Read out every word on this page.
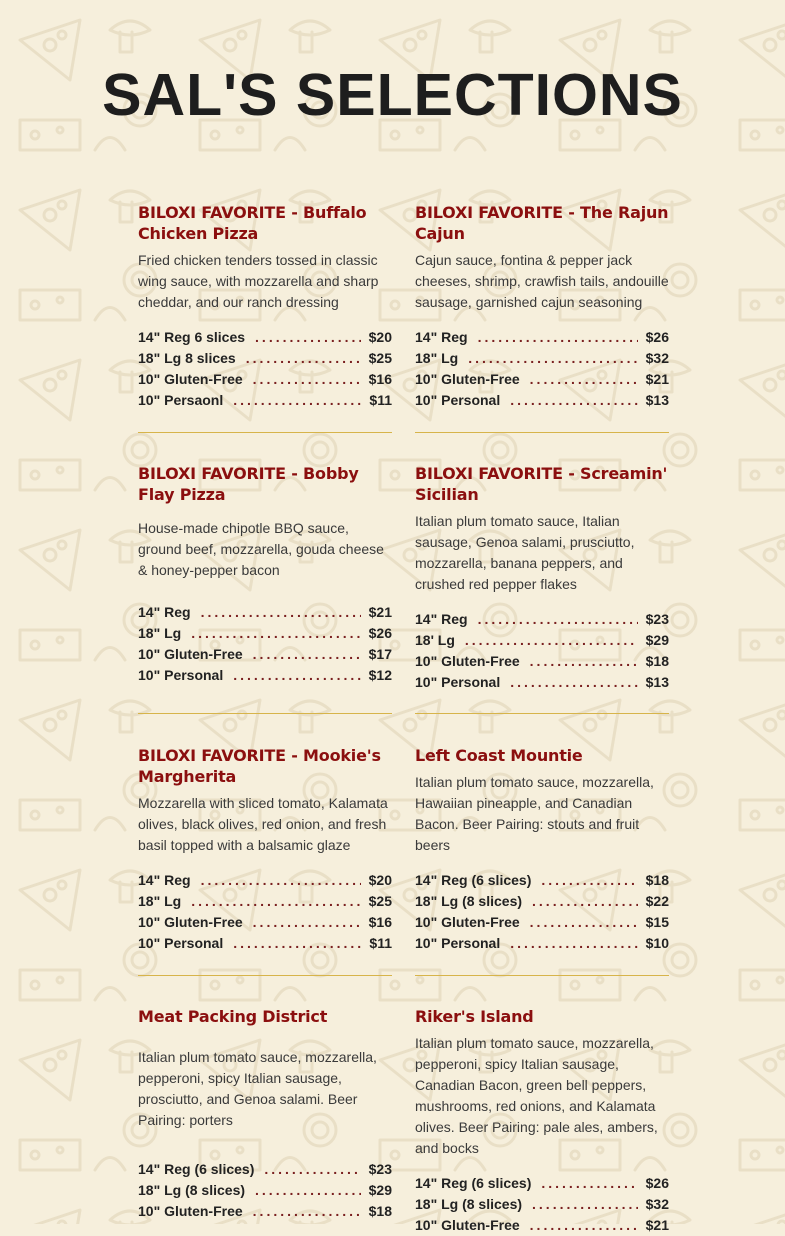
SAL'S SELECTIONS
BILOXI FAVORITE - Buffalo Chicken Pizza

Fried chicken tenders tossed in classic wing sauce, with mozzarella and sharp cheddar, and our ranch dressing

14" Reg 6 slices .....	$20
18" Lg 8 slices .....	$25
10" Gluten-Free .....	$16
10" Persaonl .....	$11
BILOXI FAVORITE - The Rajun Cajun

Cajun sauce, fontina & pepper jack cheeses, shrimp, crawfish tails, andouille sausage, garnished cajun seasoning

14" Reg .....	$26
18" Lg .....	$32
10" Gluten-Free .....	$21
10" Personal .....	$13
BILOXI FAVORITE - Bobby Flay Pizza

House-made chipotle BBQ sauce, ground beef, mozzarella, gouda cheese & honey-pepper bacon

14" Reg .....	$21
18" Lg .....	$26
10" Gluten-Free .....	$17
10" Personal .....	$12
BILOXI FAVORITE - Screamin' Sicilian

Italian plum tomato sauce, Italian sausage, Genoa salami, prusciutto, mozzarella, banana peppers, and crushed red pepper flakes

14" Reg .....	$23
18' Lg .....	$29
10" Gluten-Free .....	$18
10" Personal .....	$13
BILOXI FAVORITE - Mookie's Margherita

Mozzarella with sliced tomato, Kalamata olives, black olives, red onion, and fresh basil topped with a balsamic glaze

14" Reg .....	$20
18" Lg .....	$25
10" Gluten-Free .....	$16
10" Personal .....	$11
Left Coast Mountie

Italian plum tomato sauce, mozzarella, Hawaiian pineapple, and Canadian Bacon. Beer Pairing: stouts and fruit beers

14" Reg (6 slices) .....	$18
18" Lg (8 slices) .....	$22
10" Gluten-Free .....	$15
10" Personal .....	$10
Meat Packing District

Italian plum tomato sauce, mozzarella, pepperoni, spicy Italian sausage, prosciutto, and Genoa salami. Beer Pairing: porters

14" Reg (6 slices) .....	$23
18" Lg (8 slices) .....	$29
10" Gluten-Free .....	$18
Riker's Island

Italian plum tomato sauce, mozzarella, pepperoni, spicy Italian sausage, Canadian Bacon, green bell peppers, mushrooms, red onions, and Kalamata olives. Beer Pairing: pale ales, ambers, and bocks

14" Reg (6 slices) .....	$26
18" Lg (8 slices) .....	$32
10" Gluten-Free .....	$21
